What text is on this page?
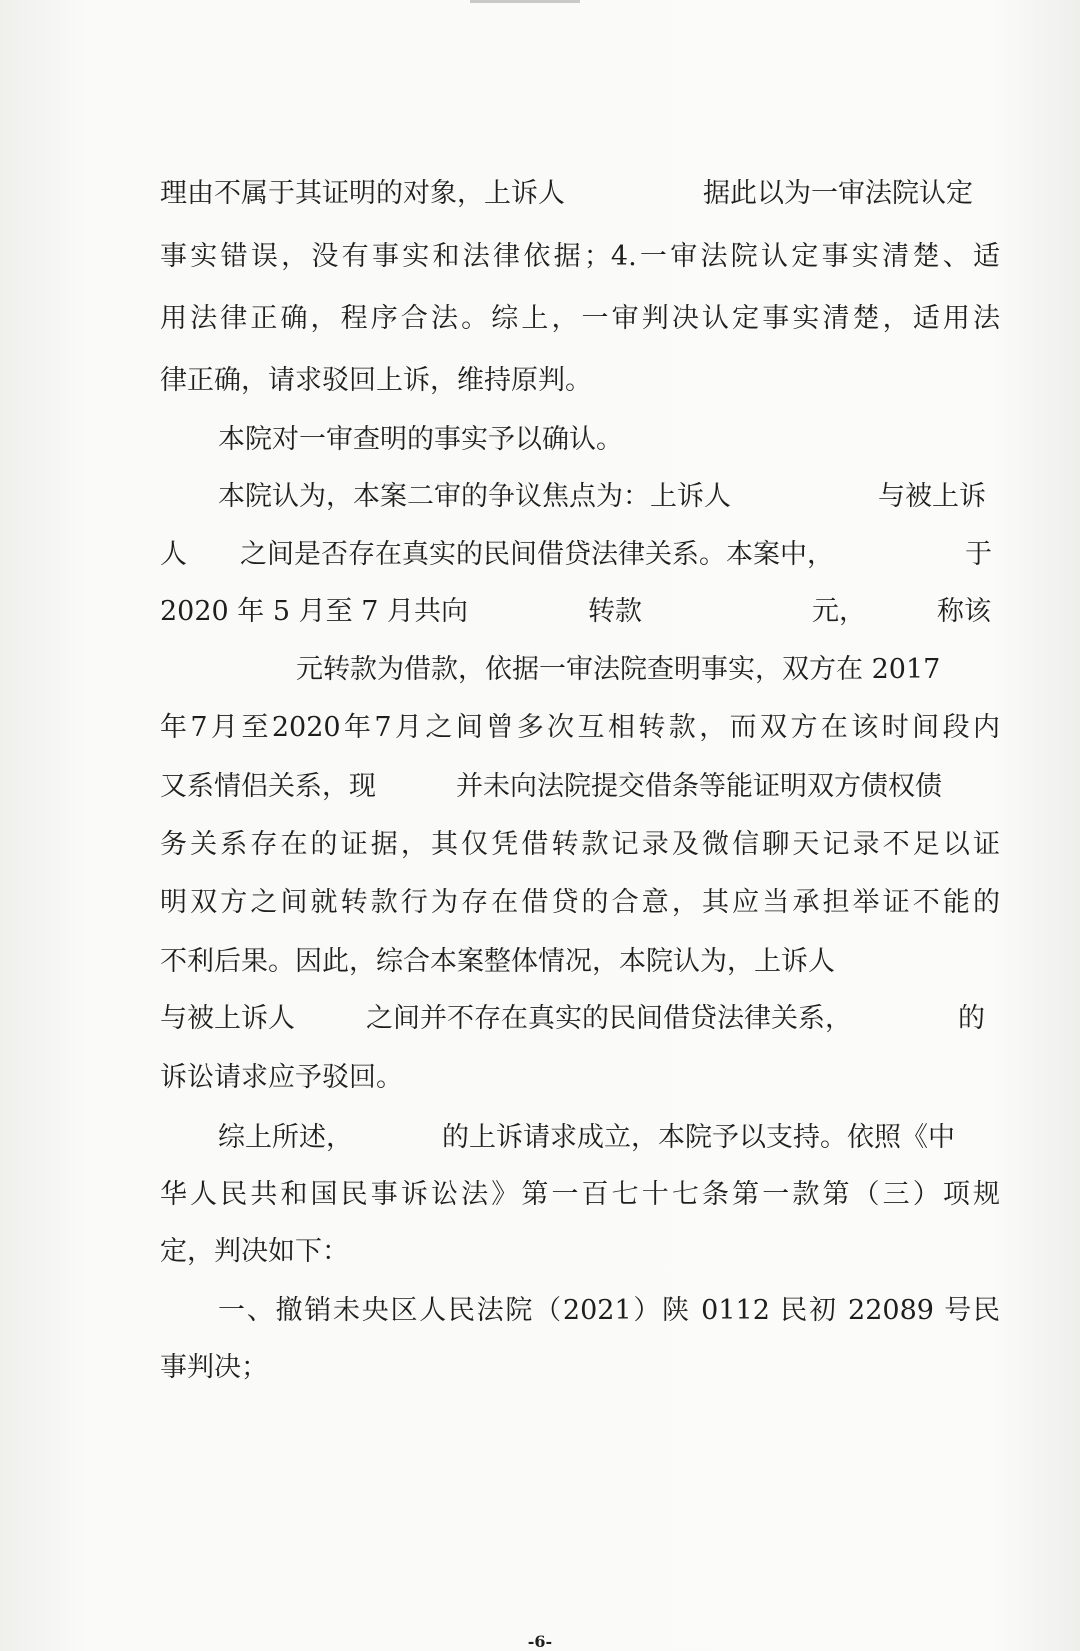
理由不属于其证明的对象，上诉人	据此以为一审法院认定
事实错误，没有事实和法律依据；4.一审法院认定事实清楚、适
用法律正确，程序合法。综上，一审判决认定事实清楚，适用法
律正确，请求驳回上诉，维持原判。
本院对一审查明的事实予以确认。
本院认为，本案二审的争议焦点为：上诉人	与被上诉
人 之间是否存在真实的民间借贷法律关系。本案中，	于
2020 年 5 月至 7 月共向	转款	元，	称该
元转款为借款，依据一审法院查明事实，双方在 2017
年7月至2020年7月之间曾多次互相转款，而双方在该时间段内
又系情侣关系，现	并未向法院提交借条等能证明双方债权债
务关系存在的证据，其仅凭借转款记录及微信聊天记录不足以证
明双方之间就转款行为存在借贷的合意，其应当承担举证不能的
不利后果。因此，综合本案整体情况，本院认为，上诉人
与被上诉人	之间并不存在真实的民间借贷法律关系，	的
诉讼请求应予驳回。
综上所述，	的上诉请求成立，本院予以支持。依照《中
华人民共和国民事诉讼法》第一百七十七条第一款第（三）项规
定，判决如下：
一、撤销未央区人民法院（2021）陕 0112 民初 22089 号民
事判决；
-6-
